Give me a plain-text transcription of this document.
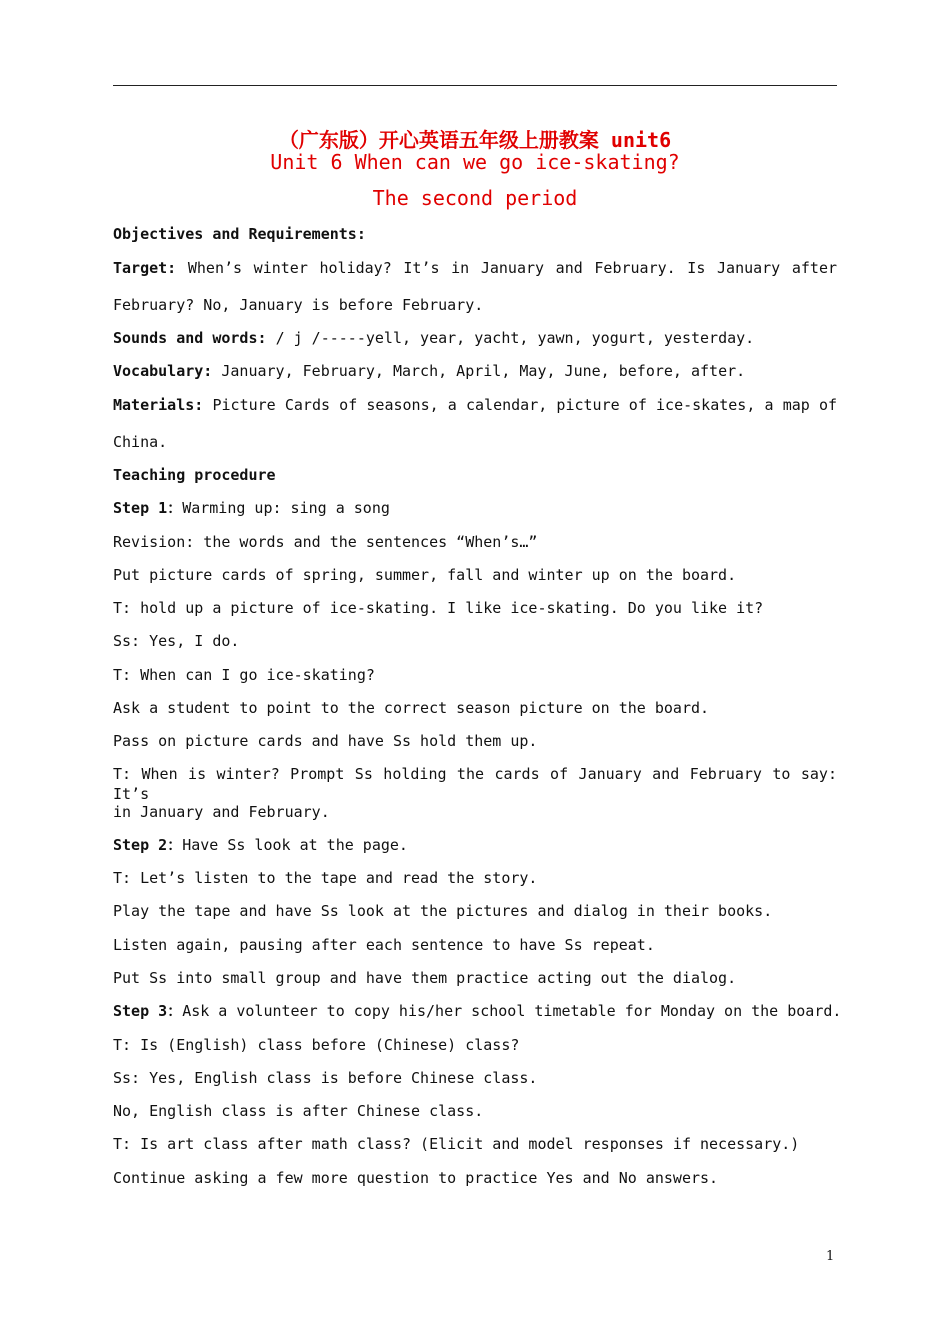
（广东版）开心英语五年级上册教案 unit6
Unit 6 When can we go ice-skating?
The second period
Objectives and Requirements:
Target: When’s winter holiday? It’s in January and February. Is January after
February? No, January is before February.
Sounds and words: / j /-----yell, year, yacht, yawn, yogurt, yesterday.
Vocabulary: January, February, March, April, May, June, before, after.
Materials: Picture Cards of seasons, a calendar, picture of ice-skates, a map of
China.
Teaching procedure
Step 1：Warming up: sing a song
Revision: the words and the sentences “When’s…”
Put picture cards of spring, summer, fall and winter up on the board.
T: hold up a picture of ice-skating. I like ice-skating. Do you like it?
Ss: Yes, I do.
T: When can I go ice-skating?
Ask a student to point to the correct season picture on the board.
Pass on picture cards and have Ss hold them up.
T: When is winter? Prompt Ss holding the cards of January and February to say: It’s
in January and February.
Step 2：Have Ss look at the page.
T: Let’s listen to the tape and read the story.
Play the tape and have Ss look at the pictures and dialog in their books.
Listen again, pausing after each sentence to have Ss repeat.
Put Ss into small group and have them practice acting out the dialog.
Step 3：Ask a volunteer to copy his/her school timetable for Monday on the board.
T: Is (English) class before (Chinese) class?
Ss: Yes, English class is before Chinese class.
No, English class is after Chinese class.
T: Is art class after math class? (Elicit and model responses if necessary.)
Continue asking a few more question to practice Yes and No answers.
1
